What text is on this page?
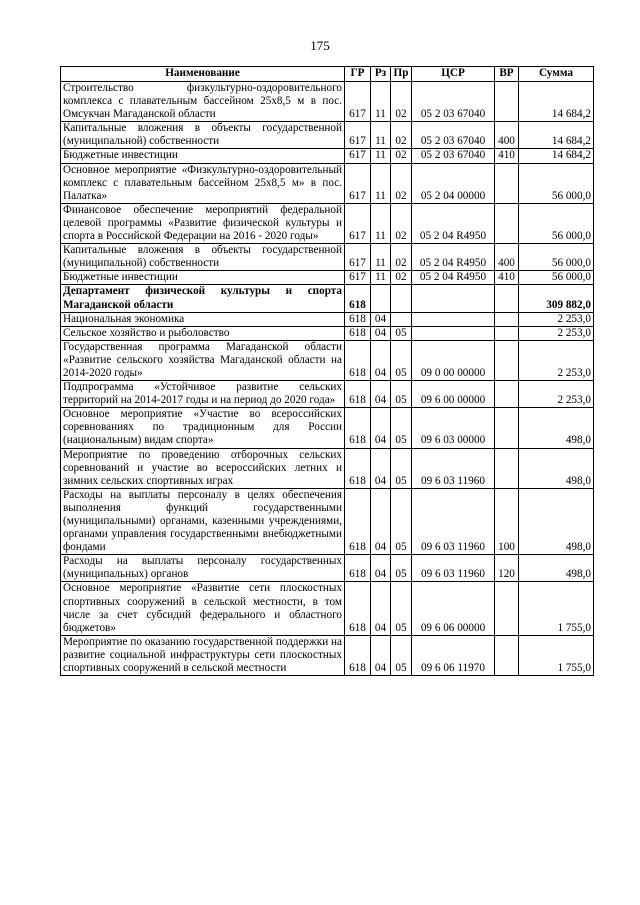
175
Наименование	ГР	Рз	Пр	ЦСР	ВР	Сумма
Строительство физкультурно-оздоровительного комплекса с плавательным бассейном 25х8,5 м в пос. Омсукчан Магаданской области	617	11	02	05 2 03 67040		14 684,2
Капитальные вложения в объекты государственной (муниципальной) собственности	617	11	02	05 2 03 67040	400	14 684,2
Бюджетные инвестиции	617	11	02	05 2 03 67040	410	14 684,2
Основное мероприятие «Физкультурно-оздоровительный комплекс с плавательным бассейном 25х8,5 м» в пос. Палатка»	617	11	02	05 2 04 00000		56 000,0
Финансовое обеспечение мероприятий федеральной целевой программы «Развитие физической культуры и спорта в Российской Федерации на 2016 - 2020 годы»	617	11	02	05 2 04 R4950		56 000,0
Капитальные вложения в объекты государственной (муниципальной) собственности	617	11	02	05 2 04 R4950	400	56 000,0
Бюджетные инвестиции	617	11	02	05 2 04 R4950	410	56 000,0
Департамент физической культуры и спорта Магаданской области	618					309 882,0
Национальная экономика	618	04				2 253,0
Сельское хозяйство и рыболовство	618	04	05			2 253,0
Государственная программа Магаданской области «Развитие сельского хозяйства Магаданской области на 2014-2020 годы»	618	04	05	09 0 00 00000		2 253,0
Подпрограмма «Устойчивое развитие сельских территорий на 2014-2017 годы и на период до 2020 года»	618	04	05	09 6 00 00000		2 253,0
Основное мероприятие «Участие во всероссийских соревнованиях по традиционным для России (национальным) видам спорта»	618	04	05	09 6 03 00000		498,0
Мероприятие по проведению отборочных сельских соревнований и участие во всероссийских летних и зимних сельских спортивных играх	618	04	05	09 6 03 11960		498,0
Расходы на выплаты персоналу в целях обеспечения выполнения функций государственными (муниципальными) органами, казенными учреждениями, органами управления государственными внебюджетными фондами	618	04	05	09 6 03 11960	100	498,0
Расходы на выплаты персоналу государственных (муниципальных) органов	618	04	05	09 6 03 11960	120	498,0
Основное мероприятие «Развитие сети плоскостных спортивных сооружений в сельской местности, в том числе за счет субсидий федерального и областного бюджетов»	618	04	05	09 6 06 00000		1 755,0
Мероприятие по оказанию государственной поддержки на развитие социальной инфраструктуры сети плоскостных спортивных сооружений в сельской местности	618	04	05	09 6 06 11970		1 755,0
